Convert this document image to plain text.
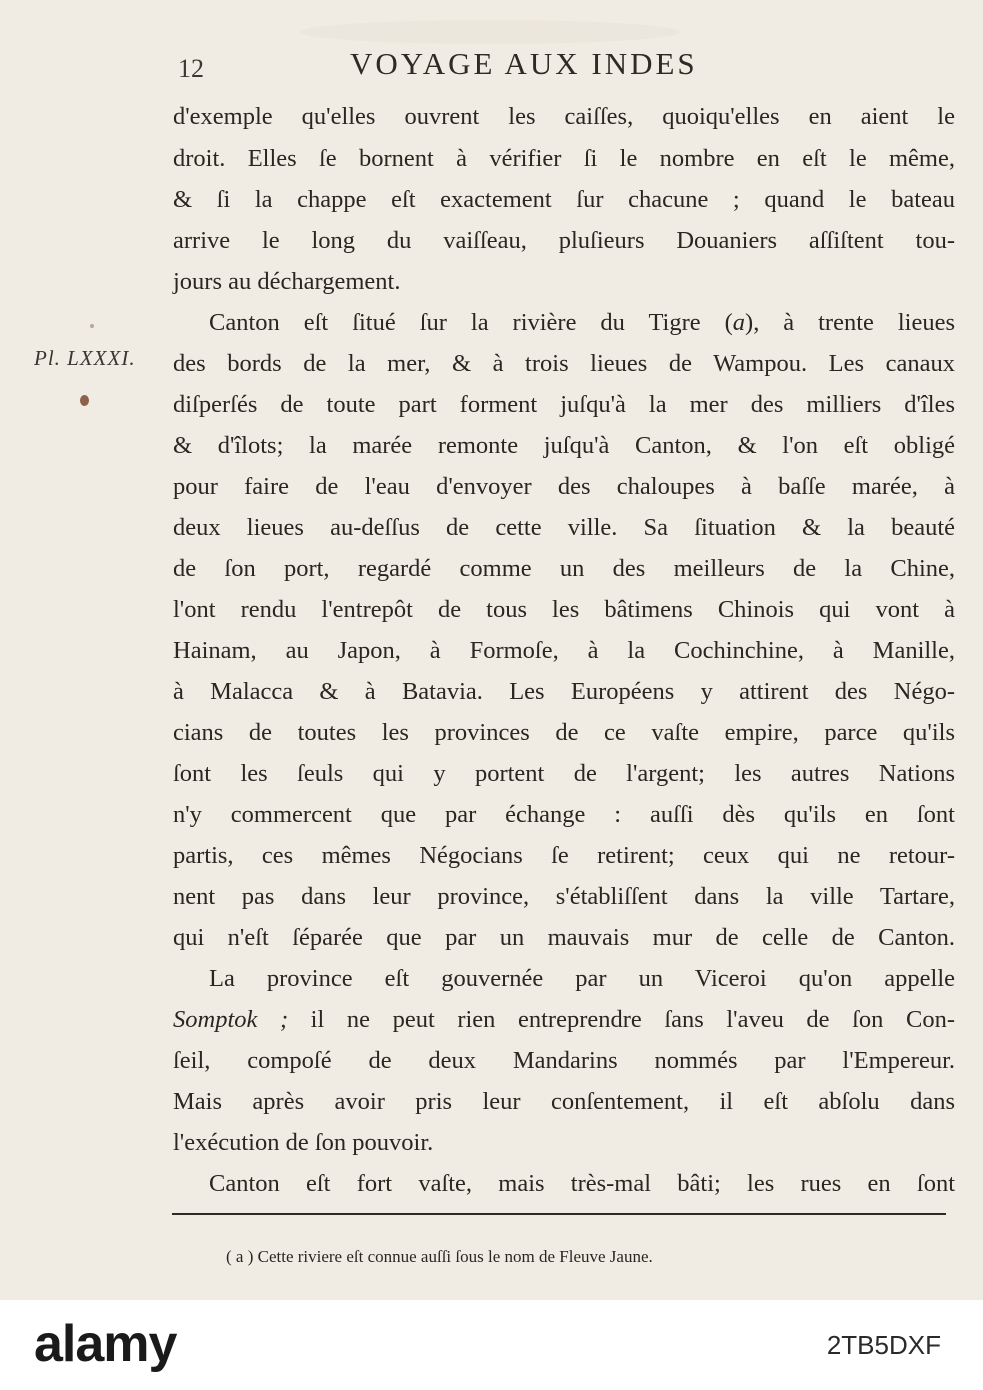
12	VOYAGE AUX INDES
Pl. LXXXI.
d'exemple qu'elles ouvrent les caiſſes, quoiqu'elles en aient le
droit. Elles ſe bornent à vérifier ſi le nombre en eſt le même,
& ſi la chappe eſt exactement ſur chacune ; quand le bateau
arrive le long du vaiſſeau, pluſieurs Douaniers aſſiſtent tou-
jours au déchargement.
Canton eſt ſitué ſur la rivière du Tigre (a), à trente lieues
des bords de la mer, & à trois lieues de Wampou. Les canaux
diſperſés de toute part forment juſqu'à la mer des milliers d'îles
& d'îlots; la marée remonte juſqu'à Canton, & l'on eſt obligé
pour faire de l'eau d'envoyer des chaloupes à baſſe marée, à
deux lieues au-deſſus de cette ville. Sa ſituation & la beauté
de ſon port, regardé comme un des meilleurs de la Chine,
l'ont rendu l'entrepôt de tous les bâtimens Chinois qui vont à
Hainam, au Japon, à Formoſe, à la Cochinchine, à Manille,
à Malacca & à Batavia. Les Européens y attirent des Négo-
cians de toutes les provinces de ce vaſte empire, parce qu'ils
ſont les ſeuls qui y portent de l'argent; les autres Nations
n'y commercent que par échange : auſſi dès qu'ils en ſont
partis, ces mêmes Négocians ſe retirent; ceux qui ne retour-
nent pas dans leur province, s'établiſſent dans la ville Tartare,
qui n'eſt ſéparée que par un mauvais mur de celle de Canton.
La province eſt gouvernée par un Viceroi qu'on appelle
Somptok ; il ne peut rien entreprendre ſans l'aveu de ſon Con-
ſeil, compoſé de deux Mandarins nommés par l'Empereur.
Mais après avoir pris leur conſentement, il eſt abſolu dans
l'exécution de ſon pouvoir.
Canton eſt fort vaſte, mais très-mal bâti; les rues en ſont
( a ) Cette riviere eſt connue auſſi ſous le nom de Fleuve Jaune.
alamy	2TB5DXF
